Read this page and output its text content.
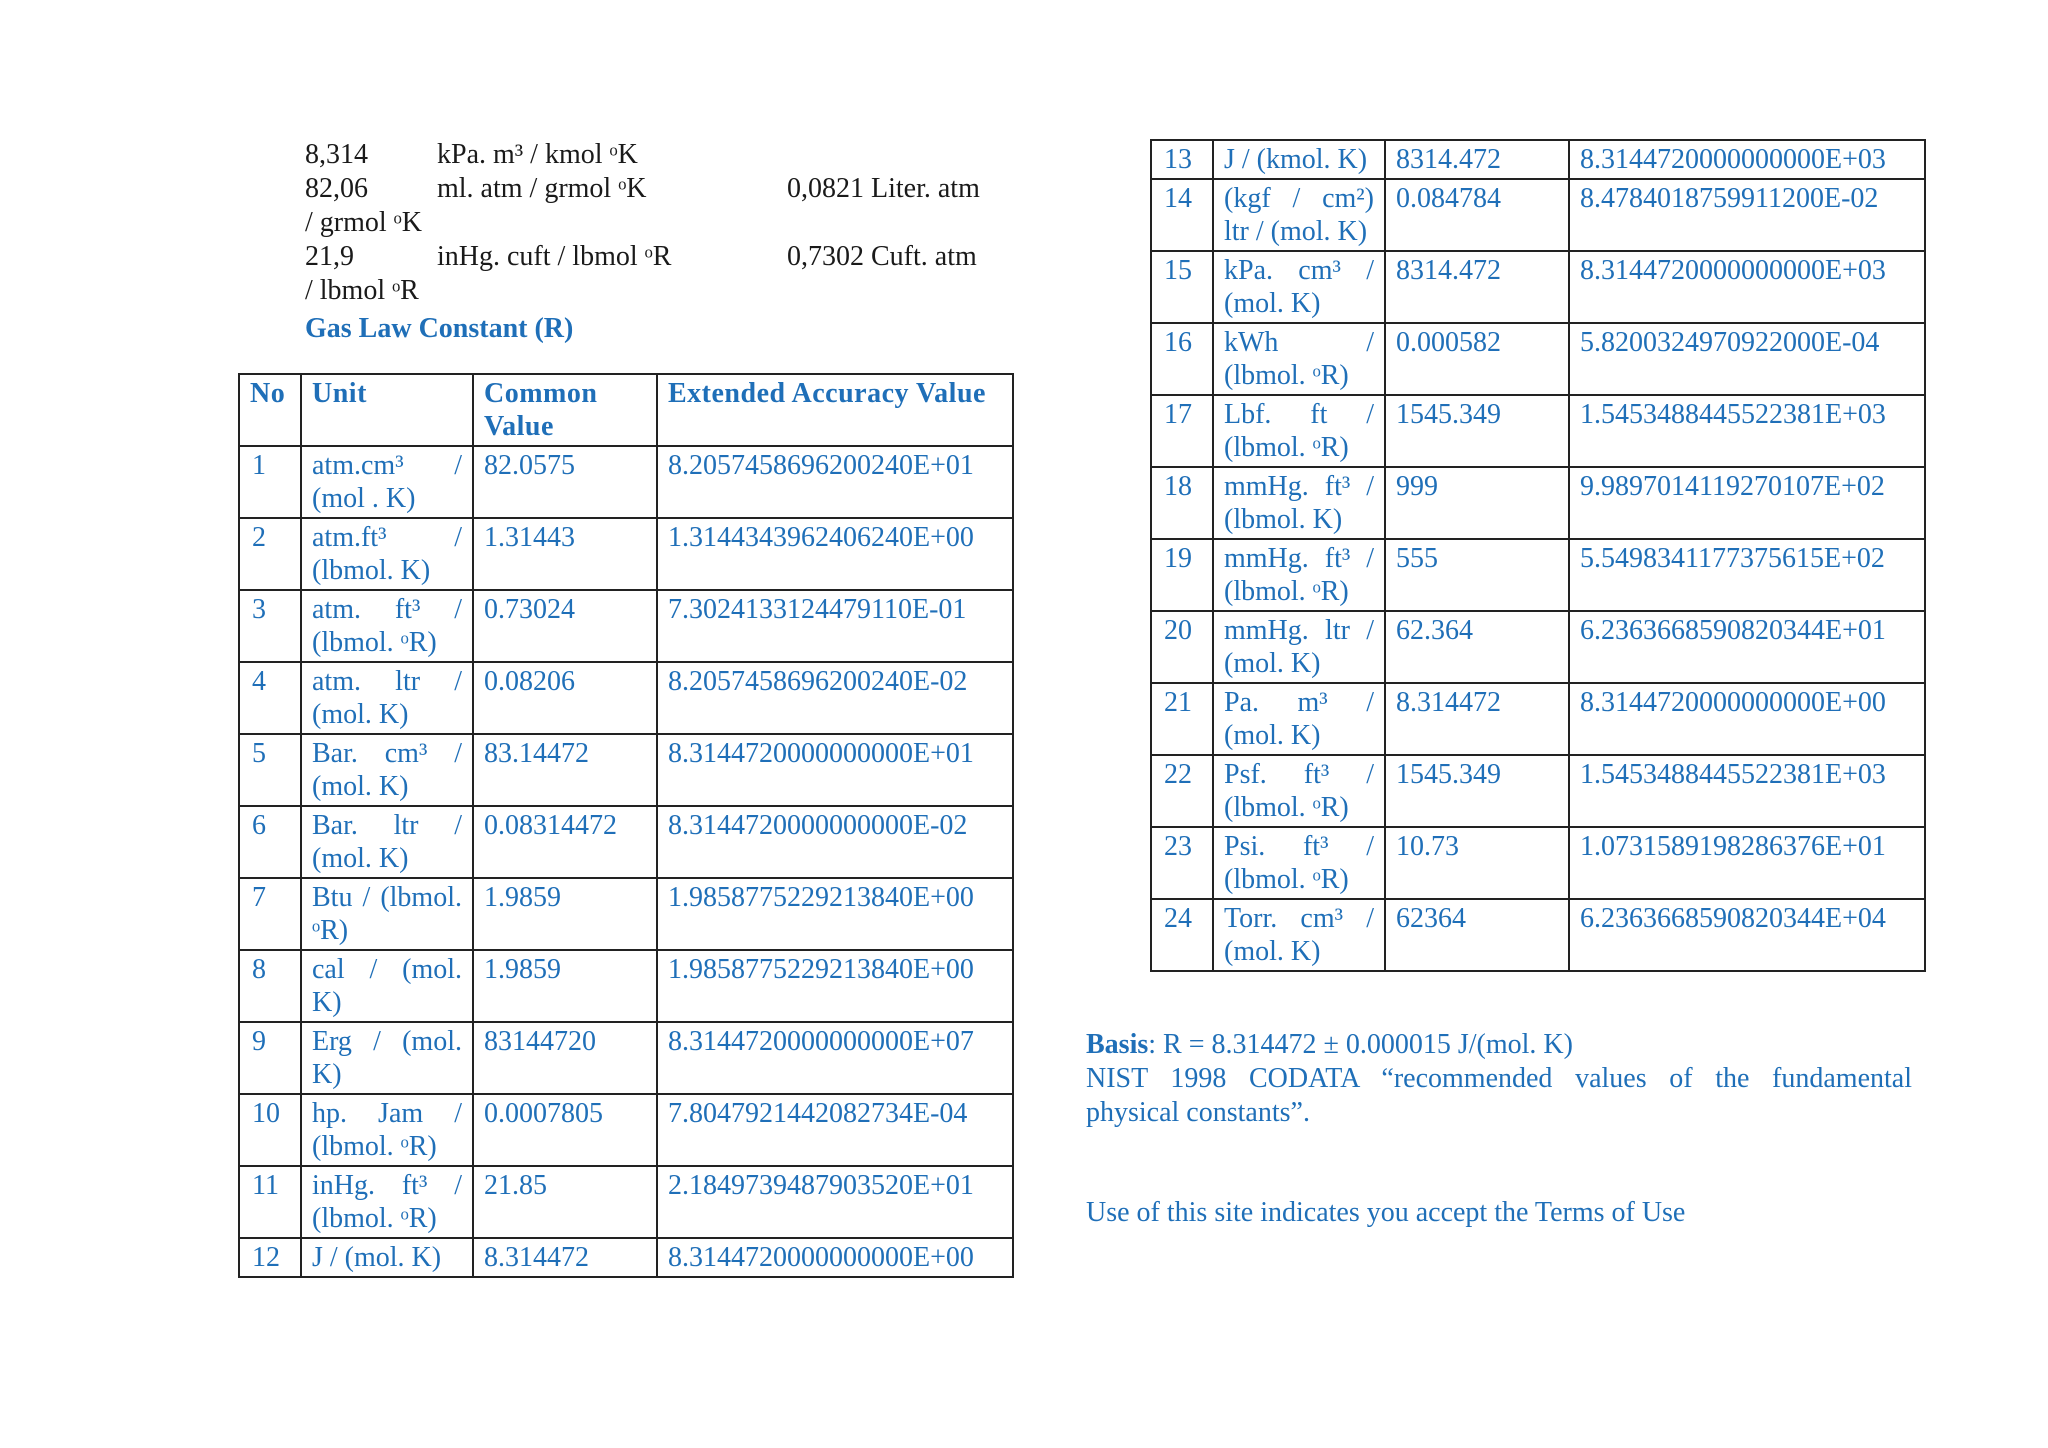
8,314 kPa. m³ / kmol ᵒK
82,06 ml. atm / grmol ᵒK	0,0821 Liter. atm
/ grmol ᵒK
21,9	inHg. cuft / lbmol ᵒR	0,7302 Cuft. atm
/ lbmol ᵒR
Gas Law Constant (R)
No	Unit	Common Value	Extended Accuracy Value
1	atm.cm³ / (mol . K)	82.0575	8.2057458696200240E+01
2	atm.ft³ / (lbmol. K)	1.31443	1.3144343962406240E+00
3	atm. ft³ / (lbmol. ᵒR)	0.73024	7.3024133124479110E-01
4	atm. ltr / (mol. K)	0.08206	8.2057458696200240E-02
5	Bar. cm³ / (mol. K)	83.14472	8.3144720000000000E+01
6	Bar. ltr / (mol. K)	0.08314472	8.3144720000000000E-02
7	Btu / (lbmol. ᵒR)	1.9859	1.9858775229213840E+00
8	cal / (mol. K)	1.9859	1.9858775229213840E+00
9	Erg / (mol. K)	83144720	8.3144720000000000E+07
10	hp. Jam / (lbmol. ᵒR)	0.0007805	7.8047921442082734E-04
11	inHg. ft³ / (lbmol. ᵒR)	21.85	2.1849739487903520E+01
12	J / (mol. K)	8.314472	8.3144720000000000E+00
13	J / (kmol. K)	8314.472	8.3144720000000000E+03
14	(kgf / cm²) ltr / (mol. K)	0.084784	8.4784018759911200E-02
15	kPa. cm³ / (mol. K)	8314.472	8.3144720000000000E+03
16	kWh / (lbmol. ᵒR)	0.000582	5.8200324970922000E-04
17	Lbf. ft / (lbmol. ᵒR)	1545.349	1.5453488445522381E+03
18	mmHg. ft³ / (lbmol. K)	999	9.9897014119270107E+02
19	mmHg. ft³ / (lbmol. ᵒR)	555	5.5498341177375615E+02
20	mmHg. ltr / (mol. K)	62.364	6.2363668590820344E+01
21	Pa. m³ / (mol. K)	8.314472	8.3144720000000000E+00
22	Psf. ft³ / (lbmol. ᵒR)	1545.349	1.5453488445522381E+03
23	Psi. ft³ / (lbmol. ᵒR)	10.73	1.0731589198286376E+01
24	Torr. cm³ / (mol. K)	62364	6.2363668590820344E+04
Basis: R = 8.314472 ± 0.000015 J/(mol. K)
NIST 1998 CODATA “recommended values of the fundamental
physical constants”.
Use of this site indicates you accept the Terms of Use
